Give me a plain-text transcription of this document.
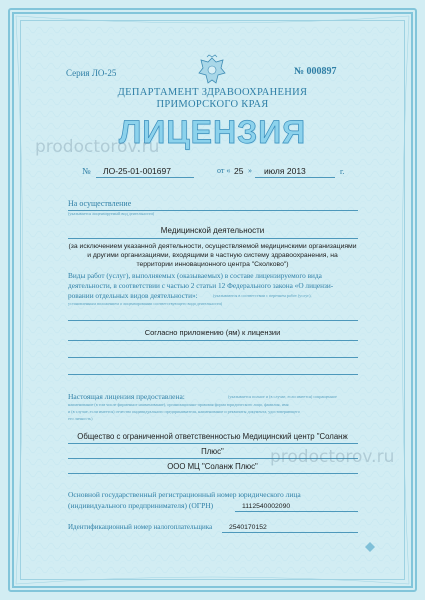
Серия ЛО-25	№ 000897
ДЕПАРТАМЕНТ ЗДРАВООХРАНЕНИЯ
ПРИМОРСКОГО КРАЯ
ЛИЦЕНЗИЯ
prodoctorov.ru
№ ЛО-25-01-001697	от « 25 » июля 2013	г.
На осуществление
(указывается лицензируемый вид деятельности)
Медицинской деятельности
(за исключением указанной деятельности, осуществляемой медицинскими организациями
и другими организациями, входящими в частную систему здравоохранения, на
территории инновационного центра "Сколково")
Виды работ (услуг), выполняемых (оказываемых) в составе лицензируемого вида
деятельности, в соответствии с частью 2 статьи 12 Федерального закона «О лицензи-
ровании отдельных видов деятельности»:	(указываются в соответствии с перечнем работ (услуг),
установленным положением о лицензировании соответствующего вида деятельности)
Согласно приложению (ям) к лицензии
Настоящая лицензия предоставлена:	(указывается полное и (в случае, если имеется) сокращенное
наименование (в том числе фирменное наименование), организационно-правовая форма юридического лица, фамилия, имя
и (в случае, если имеется) отчество индивидуального предпринимателя, наименование и реквизиты документа, удостоверяющего
его личность)
Общество с ограниченной ответственностью Медицинский центр "Соланж
Плюс"	prodoctorov.ru
ООО МЦ "Соланж Плюс"
Основной государственный регистрационный номер юридического лица
(индивидуального предпринимателя) (ОГРН)	1112540002090
Идентификационный номер налогоплательщика 2540170152
